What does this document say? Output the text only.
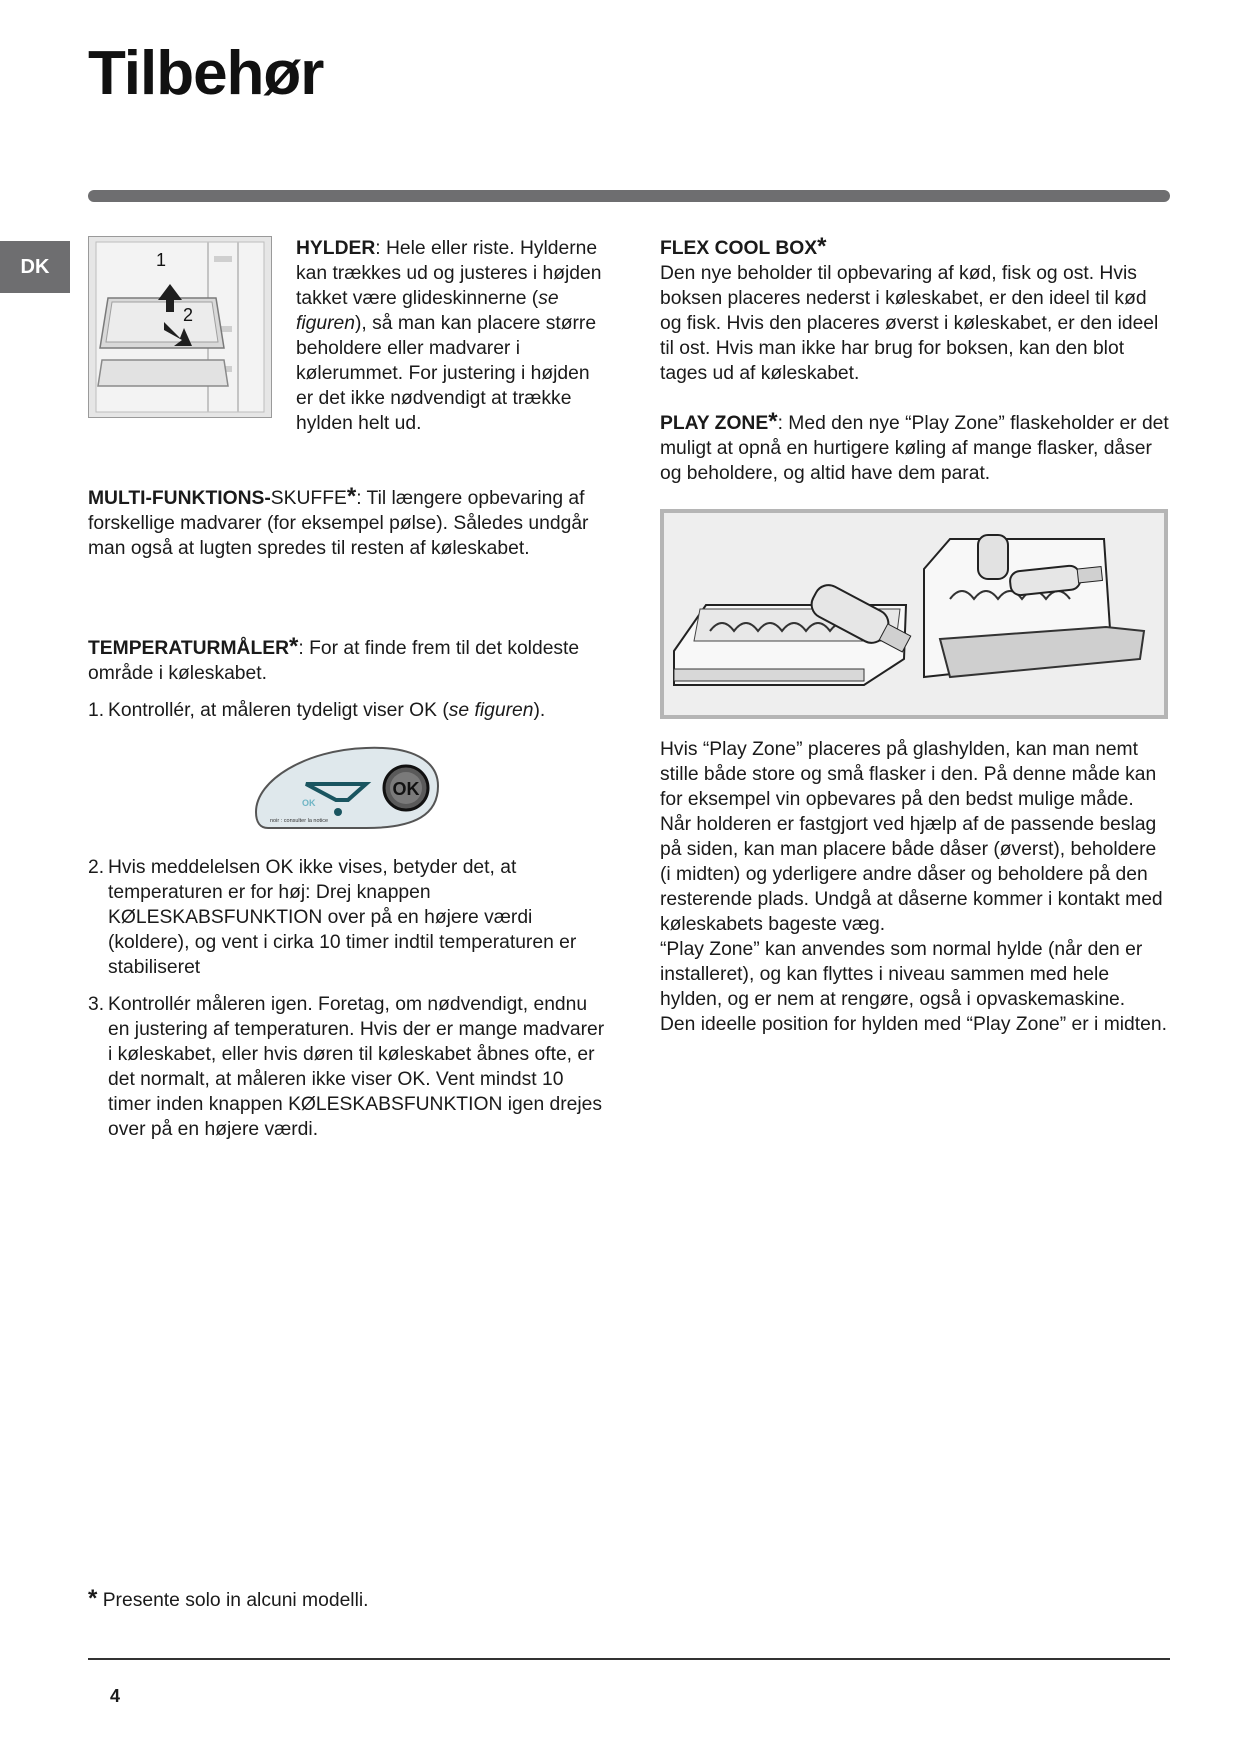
Tilbehør
DK	1
2

HYLDER: Hele eller riste. Hylderne kan trækkes ud og justeres i højden takket være glideskinnerne (se figuren), så man kan placere større beholdere eller madvarer i kølerummet. For justering i højden er det ikke nødvendigt at trække hylden helt ud.

MULTI-FUNKTIONS-SKUFFE*: Til længere opbevaring af forskellige madvarer (for eksempel pølse). Således undgår man også at lugten spredes til resten af køleskabet.

TEMPERATURMÅLER*: For at finde frem til det koldeste område i køleskabet.

1. Kontrollér, at måleren tydeligt viser OK (se figuren).
OK
OK
noir : consulter la notice
2. Hvis meddelelsen OK ikke vises, betyder det, at temperaturen er for høj: Drej knappen KØLESKABSFUNKTION over på en højere værdi (koldere), og vent i cirka 10 timer indtil temperaturen er stabiliseret
3. Kontrollér måleren igen. Foretag, om nødvendigt, endnu en justering af temperaturen. Hvis der er mange madvarer i køleskabet, eller hvis døren til køleskabet åbnes ofte, er det normalt, at måleren ikke viser OK. Vent mindst 10 timer inden knappen KØLESKABSFUNKTION igen drejes over på en højere værdi.

FLEX COOL BOX*

Den nye beholder til opbevaring af kød, fisk og ost. Hvis boksen placeres nederst i køleskabet, er den ideel til kød og fisk. Hvis den placeres øverst i køleskabet, er den ideel til ost. Hvis man ikke har brug for boksen, kan den blot tages ud af køleskabet.

PLAY ZONE*: Med den nye “Play Zone” flaskeholder er det muligt at opnå en hurtigere køling af mange flasker, dåser og beholdere, og altid have dem parat.

Hvis “Play Zone” placeres på glashylden, kan man nemt stille både store og små flasker i den. På denne måde kan for eksempel vin opbevares på den bedst mulige måde.

Når holderen er fastgjort ved hjælp af de passende beslag på siden, kan man placere både dåser (øverst), beholdere (i midten) og yderligere andre dåser og beholdere på den resterende plads. Undgå at dåserne kommer i kontakt med køleskabets bageste væg.

“Play Zone” kan anvendes som normal hylde (når den er installeret), og kan flyttes i niveau sammen med hele hylden, og er nem at rengøre, også i opvaskemaskine.

Den ideelle position for hylden med “Play Zone” er i midten.

* Presente solo in alcuni modelli.
4
